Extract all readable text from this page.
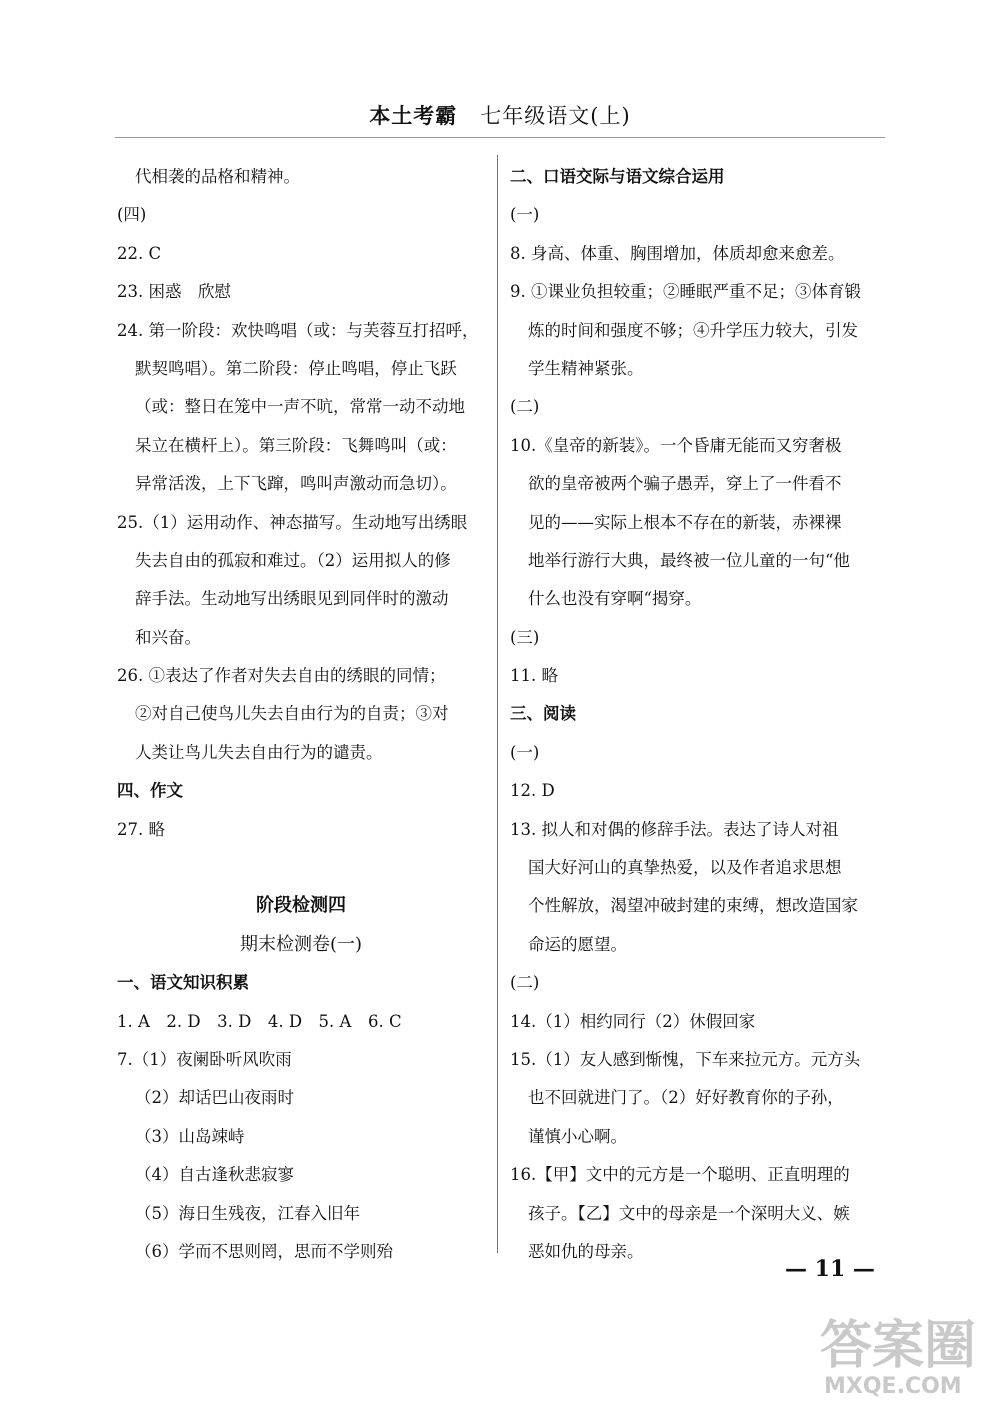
本土考霸 七年级语文(上)
代相袭的品格和精神。
(四)
22. C
23. 困惑　欣慰
24. 第一阶段：欢快鸣唱（或：与芙蓉互打招呼，
默契鸣唱）。第二阶段：停止鸣唱，停止飞跃
（或：整日在笼中一声不吭，常常一动不动地
呆立在横杆上）。第三阶段：飞舞鸣叫（或：
异常活泼，上下飞蹿，鸣叫声激动而急切）。
25.（1）运用动作、神态描写。生动地写出绣眼
失去自由的孤寂和难过。（2）运用拟人的修
辞手法。生动地写出绣眼见到同伴时的激动
和兴奋。
26. ①表达了作者对失去自由的绣眼的同情；
②对自己使鸟儿失去自由行为的自责；③对
人类让鸟儿失去自由行为的谴责。
四、作文
27. 略
阶段检测四
期末检测卷(一)
一、语文知识积累
1. A　2. D　3. D　4. D　5. A　6. C
7.（1）夜阑卧听风吹雨
（2）却话巴山夜雨时
（3）山岛竦峙
（4）自古逢秋悲寂寥
（5）海日生残夜，江春入旧年
（6）学而不思则罔，思而不学则殆
二、口语交际与语文综合运用
(一)
8. 身高、体重、胸围增加，体质却愈来愈差。
9. ①课业负担较重；②睡眠严重不足；③体育锻
炼的时间和强度不够；④升学压力较大，引发
学生精神紧张。
(二)
10.《皇帝的新装》。一个昏庸无能而又穷奢极
欲的皇帝被两个骗子愚弄，穿上了一件看不
见的——实际上根本不存在的新装，赤裸裸
地举行游行大典，最终被一位儿童的一句“他
什么也没有穿啊“揭穿。
(三)
11. 略
三、阅读
(一)
12. D
13. 拟人和对偶的修辞手法。表达了诗人对祖
国大好河山的真挚热爱，以及作者追求思想
个性解放，渴望冲破封建的束缚，想改造国家
命运的愿望。
(二)
14.（1）相约同行（2）休假回家
15.（1）友人感到惭愧，下车来拉元方。元方头
也不回就进门了。（2）好好教育你的子孙，
谨慎小心啊。
16.【甲】文中的元方是一个聪明、正直明理的
孩子。【乙】文中的母亲是一个深明大义、嫉
恶如仇的母亲。
— 11 —
答案圈
MXQE.COM
